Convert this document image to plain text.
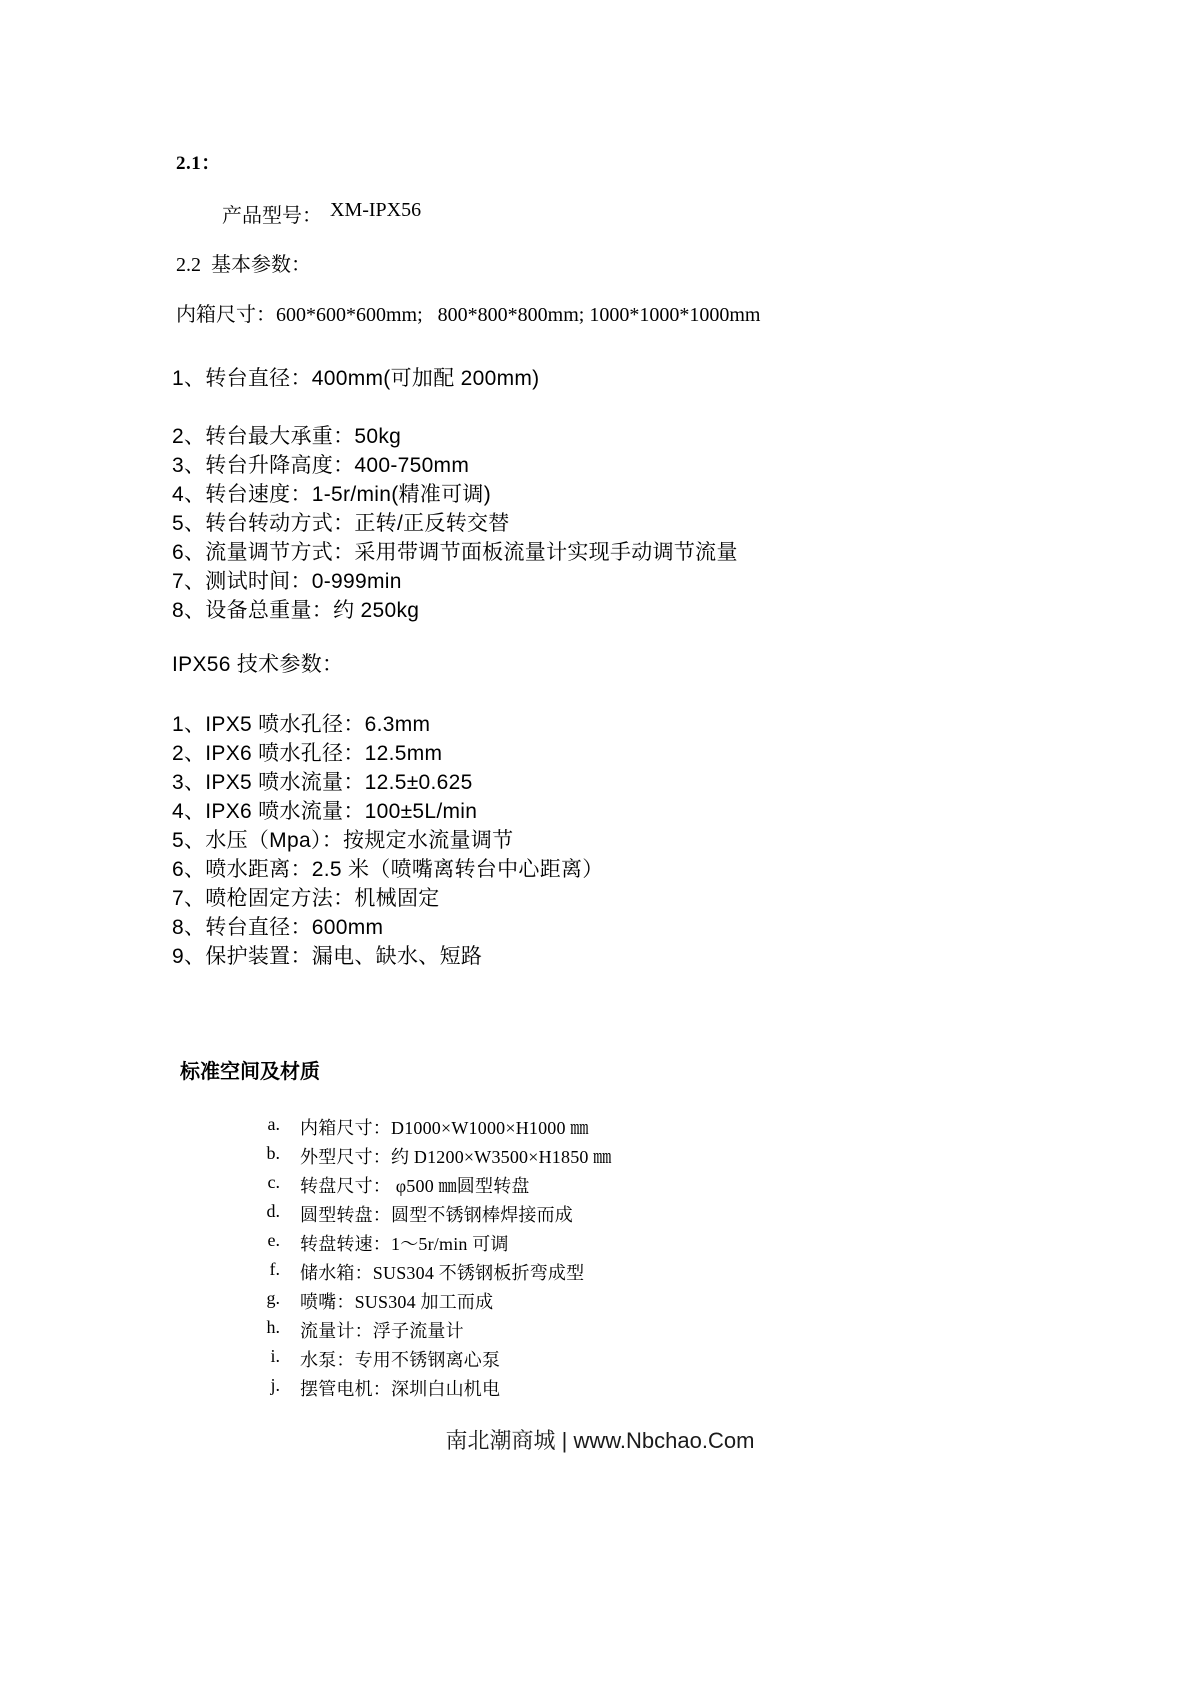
2.1：
产品型号： XM-IPX56
2.2  基本参数：
内箱尺寸：600*600*600mm;   800*800*800mm; 1000*1000*1000mm
1、转台直径：400mm(可加配 200mm)
2、转台最大承重：50kg
3、转台升降高度：400-750mm
4、转台速度：1-5r/min(精准可调)
5、转台转动方式：正转/正反转交替
6、流量调节方式：采用带调节面板流量计实现手动调节流量
7、测试时间：0-999min
8、设备总重量：约 250kg
IPX56 技术参数：
1、IPX5 喷水孔径：6.3mm
2、IPX6 喷水孔径：12.5mm
3、IPX5 喷水流量：12.5±0.625
4、IPX6 喷水流量：100±5L/min
5、水压（Mpa）：按规定水流量调节
6、喷水距离：2.5 米（喷嘴离转台中心距离）
7、喷枪固定方法：机械固定
8、转台直径：600mm
9、保护装置：漏电、缺水、短路
标准空间及材质
a. 内箱尺寸：D1000×W1000×H1000 ㎜
b. 外型尺寸：约 D1200×W3500×H1850 ㎜
c. 转盘尺寸： φ500 ㎜圆型转盘
d. 圆型转盘：圆型不锈钢棒焊接而成
e. 转盘转速：1～5r/min 可调
f. 储水箱：SUS304 不锈钢板折弯成型
g. 喷嘴：SUS304 加工而成
h. 流量计：浮子流量计
i. 水泵：专用不锈钢离心泵
j. 摆管电机：深圳白山机电
南北潮商城 | www.Nbchao.Com
